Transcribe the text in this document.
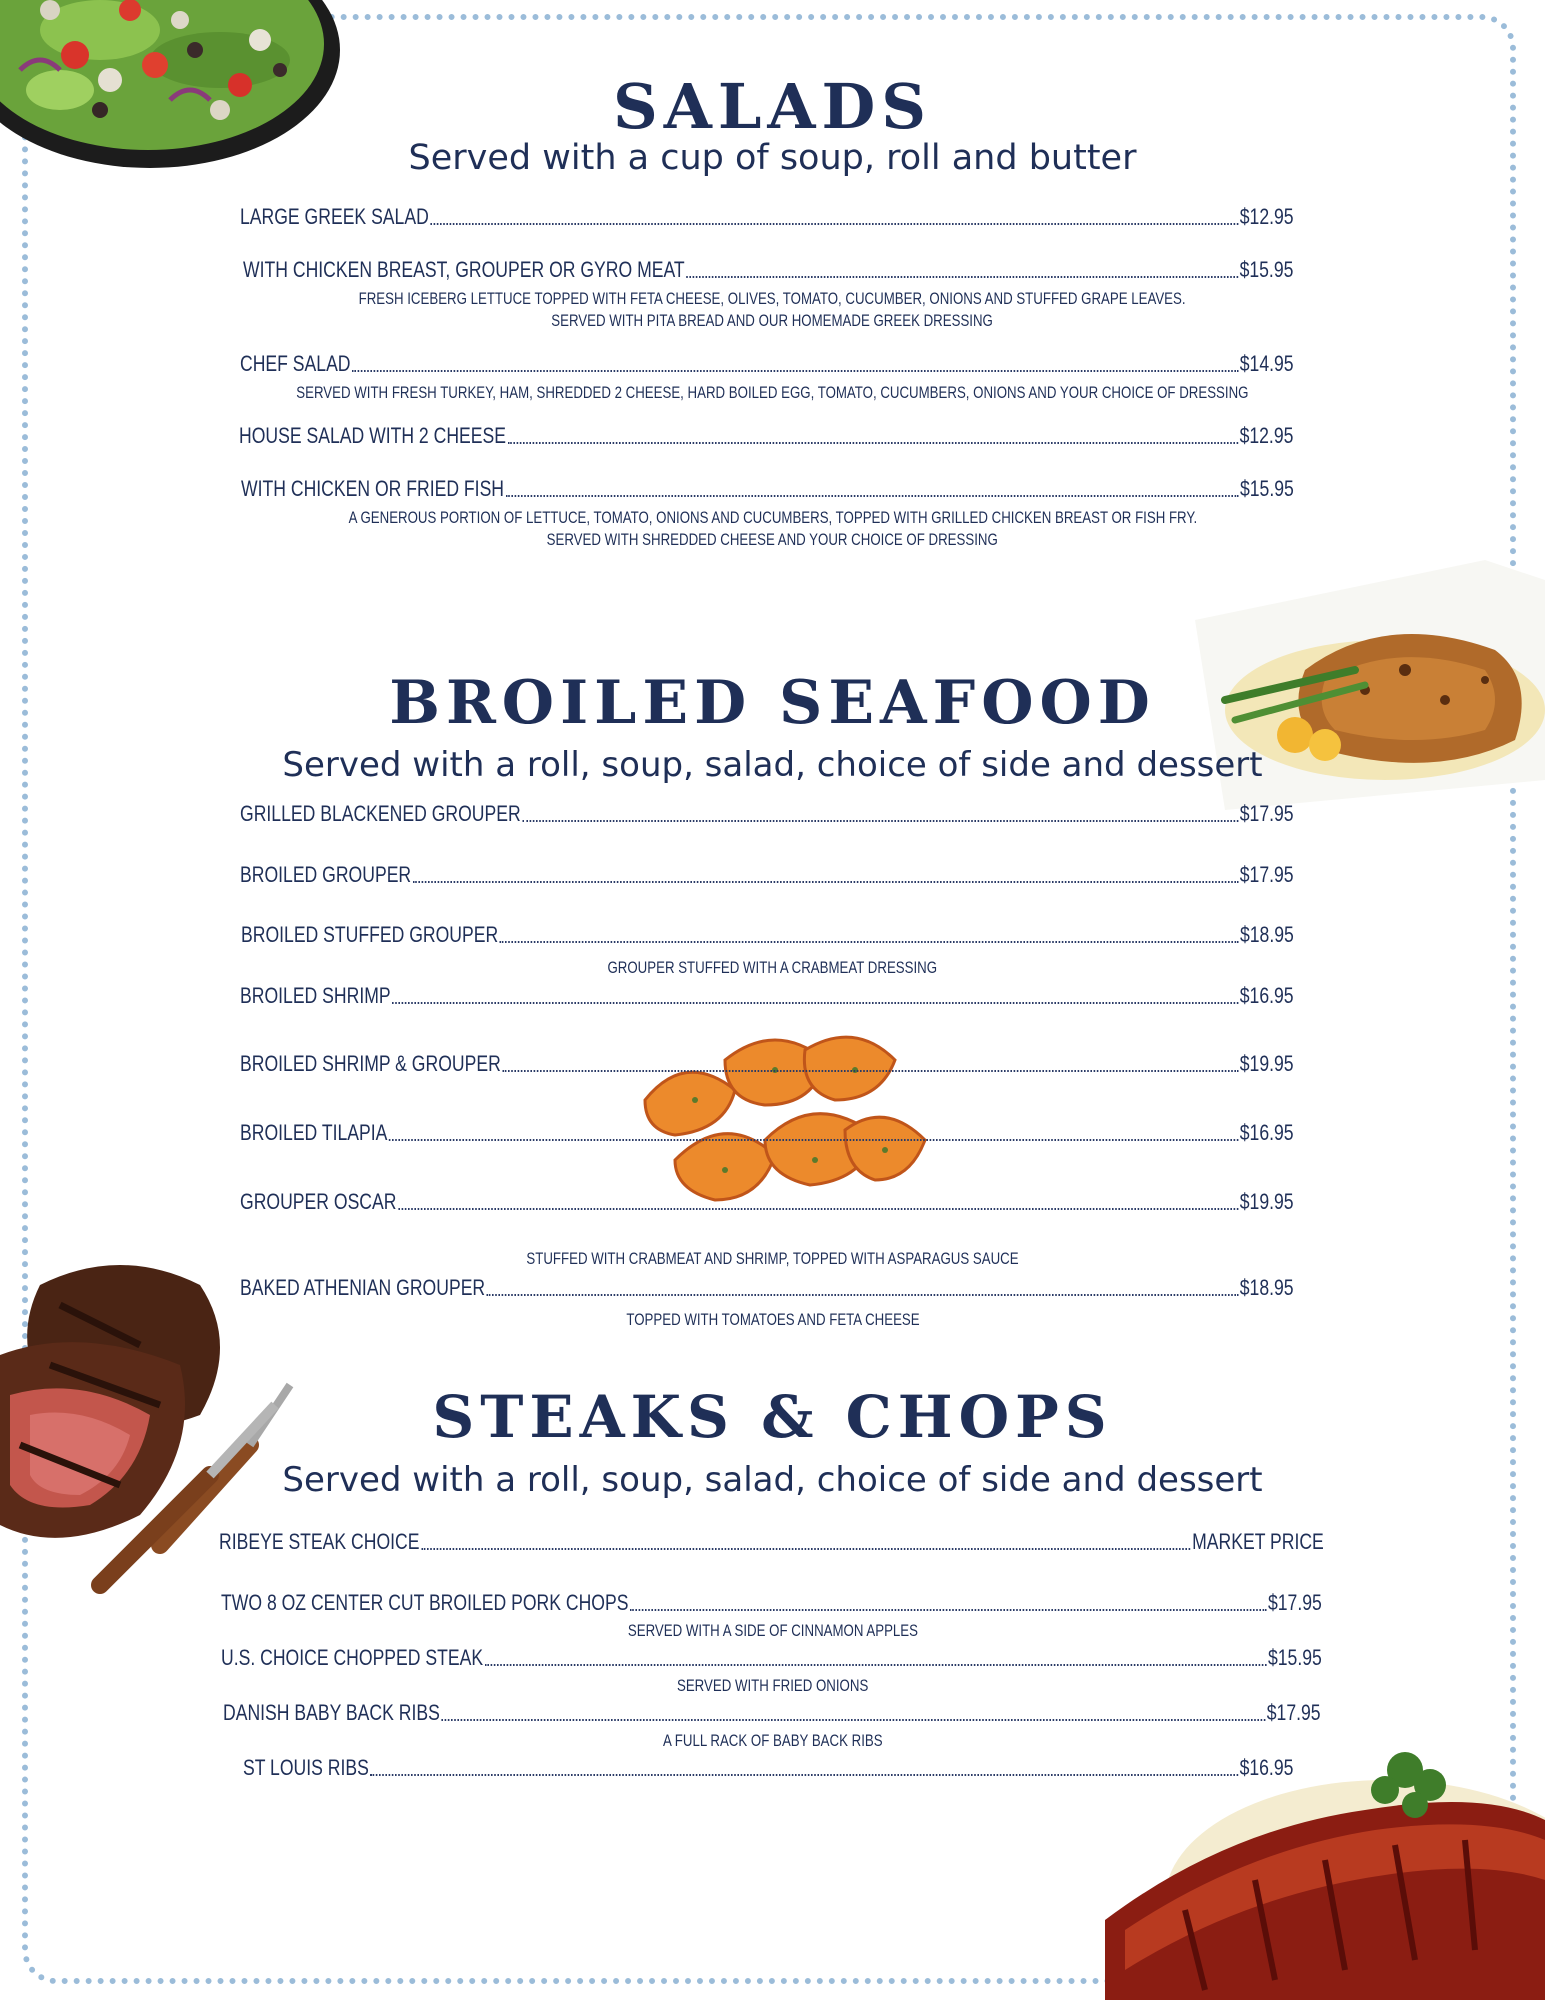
SALADS

Served with a cup of soup, roll and butter

LARGE GREEK SALAD	$12.95
WITH CHICKEN BREAST, GROUPER OR GYRO MEAT	$15.95

FRESH ICEBERG LETTUCE TOPPED WITH FETA CHEESE, OLIVES, TOMATO, CUCUMBER, ONIONS AND STUFFED GRAPE LEAVES.

SERVED WITH PITA BREAD AND OUR HOMEMADE GREEK DRESSING

CHEF SALAD	$14.95

SERVED WITH FRESH TURKEY, HAM, SHREDDED 2 CHEESE, HARD BOILED EGG, TOMATO, CUCUMBERS, ONIONS AND YOUR CHOICE OF DRESSING

HOUSE SALAD WITH 2 CHEESE	$12.95
WITH CHICKEN OR FRIED FISH	$15.95

A GENEROUS PORTION OF LETTUCE, TOMATO, ONIONS AND CUCUMBERS, TOPPED WITH GRILLED CHICKEN BREAST OR FISH FRY.

SERVED WITH SHREDDED CHEESE AND YOUR CHOICE OF DRESSING

BROILED SEAFOOD

Served with a roll, soup, salad, choice of side and dessert

GRILLED BLACKENED GROUPER	$17.95
BROILED GROUPER	$17.95
BROILED STUFFED GROUPER	$18.95

GROUPER STUFFED WITH A CRABMEAT DRESSING

BROILED SHRIMP	$16.95
BROILED SHRIMP & GROUPER	$19.95
BROILED TILAPIA	$16.95
GROUPER OSCAR	$19.95

STUFFED WITH CRABMEAT AND SHRIMP, TOPPED WITH ASPARAGUS SAUCE

BAKED ATHENIAN GROUPER	$18.95

TOPPED WITH TOMATOES AND FETA CHEESE

STEAKS & CHOPS

Served with a roll, soup, salad, choice of side and dessert

RIBEYE STEAK CHOICE	MARKET PRICE
TWO 8 OZ CENTER CUT BROILED PORK CHOPS	$17.95

SERVED WITH A SIDE OF CINNAMON APPLES

U.S. CHOICE CHOPPED STEAK	$15.95

SERVED WITH FRIED ONIONS

DANISH BABY BACK RIBS	$17.95

A FULL RACK OF BABY BACK RIBS

ST LOUIS RIBS	$16.95
